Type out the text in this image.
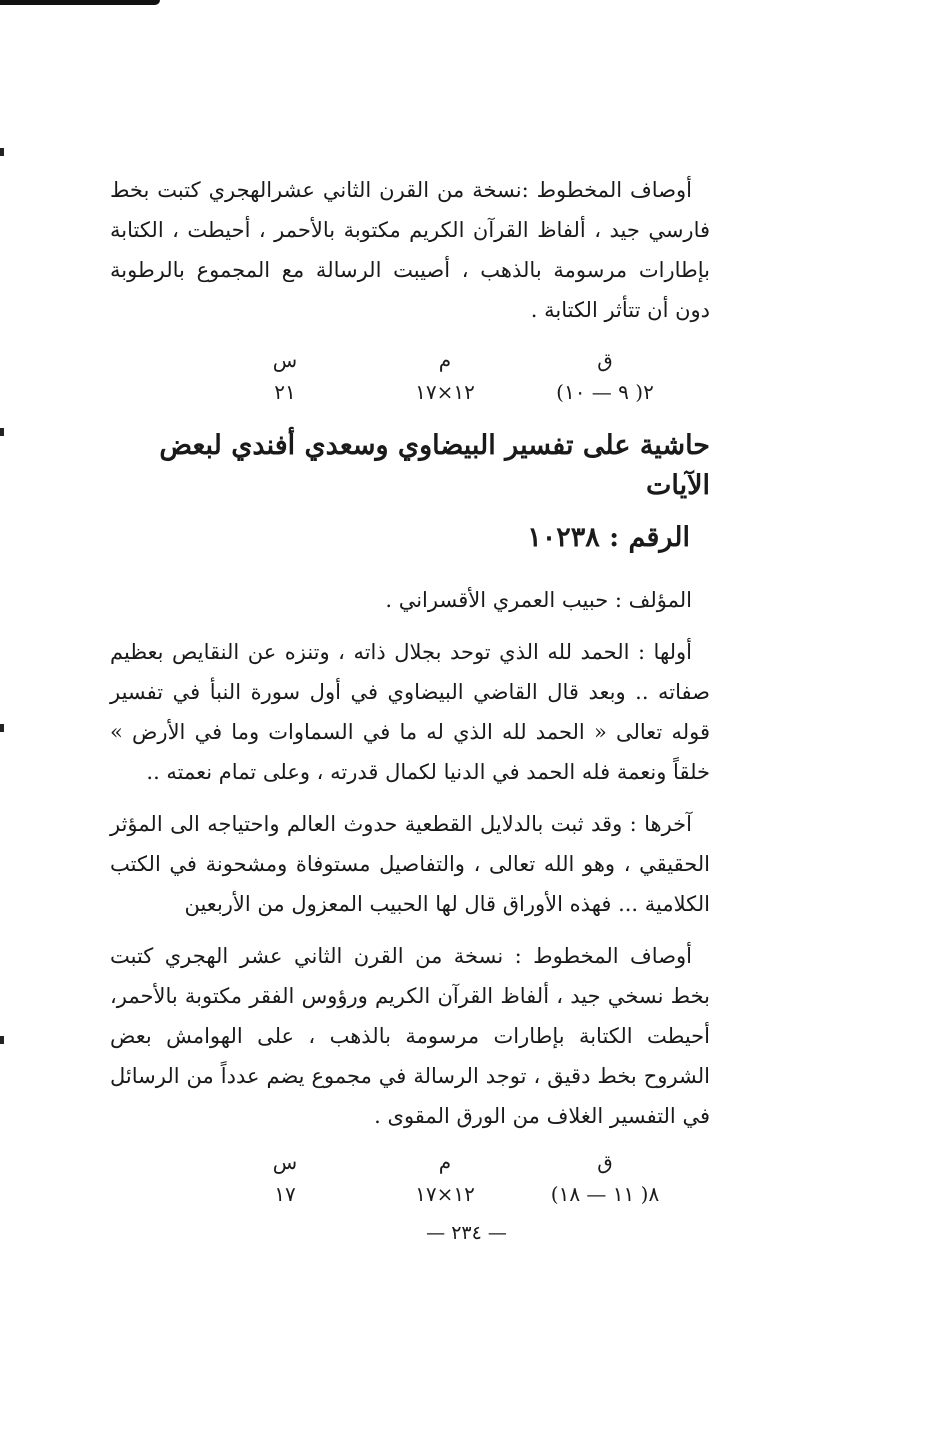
أوصاف المخطوط :نسخة من القرن الثاني عشرالهجري كتبت بخط فارسي جيد ، ألفاظ القرآن الكريم مكتوبة بالأحمر ، أحيطت ، الكتابة بإطارات مرسومة بالذهب ، أصيبت الرسالة مع المجموع بالرطوبة دون أن تتأثر الكتابة .

ق
٢( ٩ — ١٠)
م
١٢×١٧
س
٢١
حاشية على تفسير البيضاوي وسعدي أفندي لبعض الآيات
الرقم : ١٠٢٣٨

المؤلف : حبيب العمري الأقسراني .

أولها : الحمد لله الذي توحد بجلال ذاته ، وتنزه عن النقايص بعظيم صفاته .. وبعد قال القاضي البيضاوي في أول سورة النبأ في تفسير قوله تعالى « الحمد لله الذي له ما في السماوات وما في الأرض » خلقاً ونعمة فله الحمد في الدنيا لكمال قدرته ، وعلى تمام نعمته ..

آخرها : وقد ثبت بالدلايل القطعية حدوث العالم واحتياجه الى المؤثر الحقيقي ، وهو الله تعالى ، والتفاصيل مستوفاة ومشحونة في الكتب الكلامية ... فهذه الأوراق قال لها الحبيب المعزول من الأربعين

أوصاف المخطوط : نسخة من القرن الثاني عشر الهجري كتبت بخط نسخي جيد ، ألفاظ القرآن الكريم ورؤوس الفقر مكتوبة بالأحمر، أحيطت الكتابة بإطارات مرسومة بالذهب ، على الهوامش بعض الشروح بخط دقيق ، توجد الرسالة في مجموع يضم عدداً من الرسائل في التفسير الغلاف من الورق المقوى .

ق
٨( ١١ — ١٨)
م
١٢×١٧
س
١٧
— ٢٣٤ —
